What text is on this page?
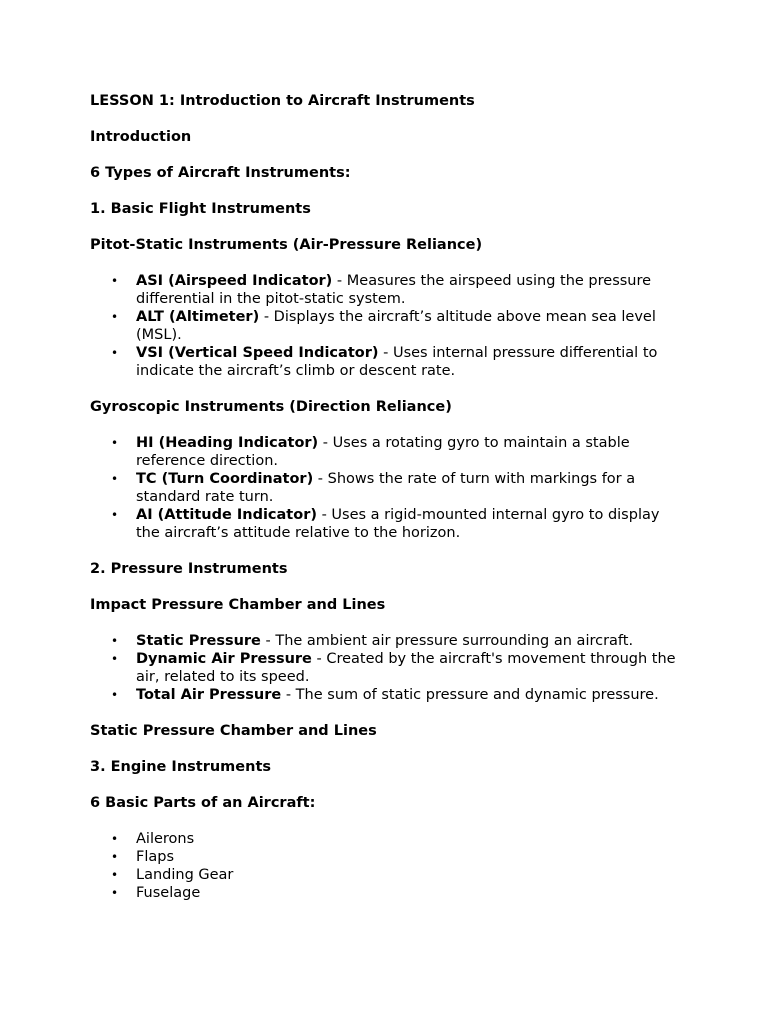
LESSON 1: Introduction to Aircraft Instruments
Introduction
6 Types of Aircraft Instruments:
1. Basic Flight Instruments
Pitot-Static Instruments (Air-Pressure Reliance)
• ASI (Airspeed Indicator) - Measures the airspeed using the pressure differential in the pitot-static system.
• ALT (Altimeter) - Displays the aircraft’s altitude above mean sea level (MSL).
• VSI (Vertical Speed Indicator) - Uses internal pressure differential to indicate the aircraft’s climb or descent rate.
Gyroscopic Instruments (Direction Reliance)
• HI (Heading Indicator) - Uses a rotating gyro to maintain a stable reference direction.
• TC (Turn Coordinator) - Shows the rate of turn with markings for a standard rate turn.
• AI (Attitude Indicator) - Uses a rigid-mounted internal gyro to display the aircraft’s attitude relative to the horizon.
2. Pressure Instruments
Impact Pressure Chamber and Lines
• Static Pressure - The ambient air pressure surrounding an aircraft.
• Dynamic Air Pressure - Created by the aircraft's movement through the air, related to its speed.
• Total Air Pressure - The sum of static pressure and dynamic pressure.
Static Pressure Chamber and Lines
3. Engine Instruments
6 Basic Parts of an Aircraft:
• Ailerons
• Flaps
• Landing Gear
• Fuselage
